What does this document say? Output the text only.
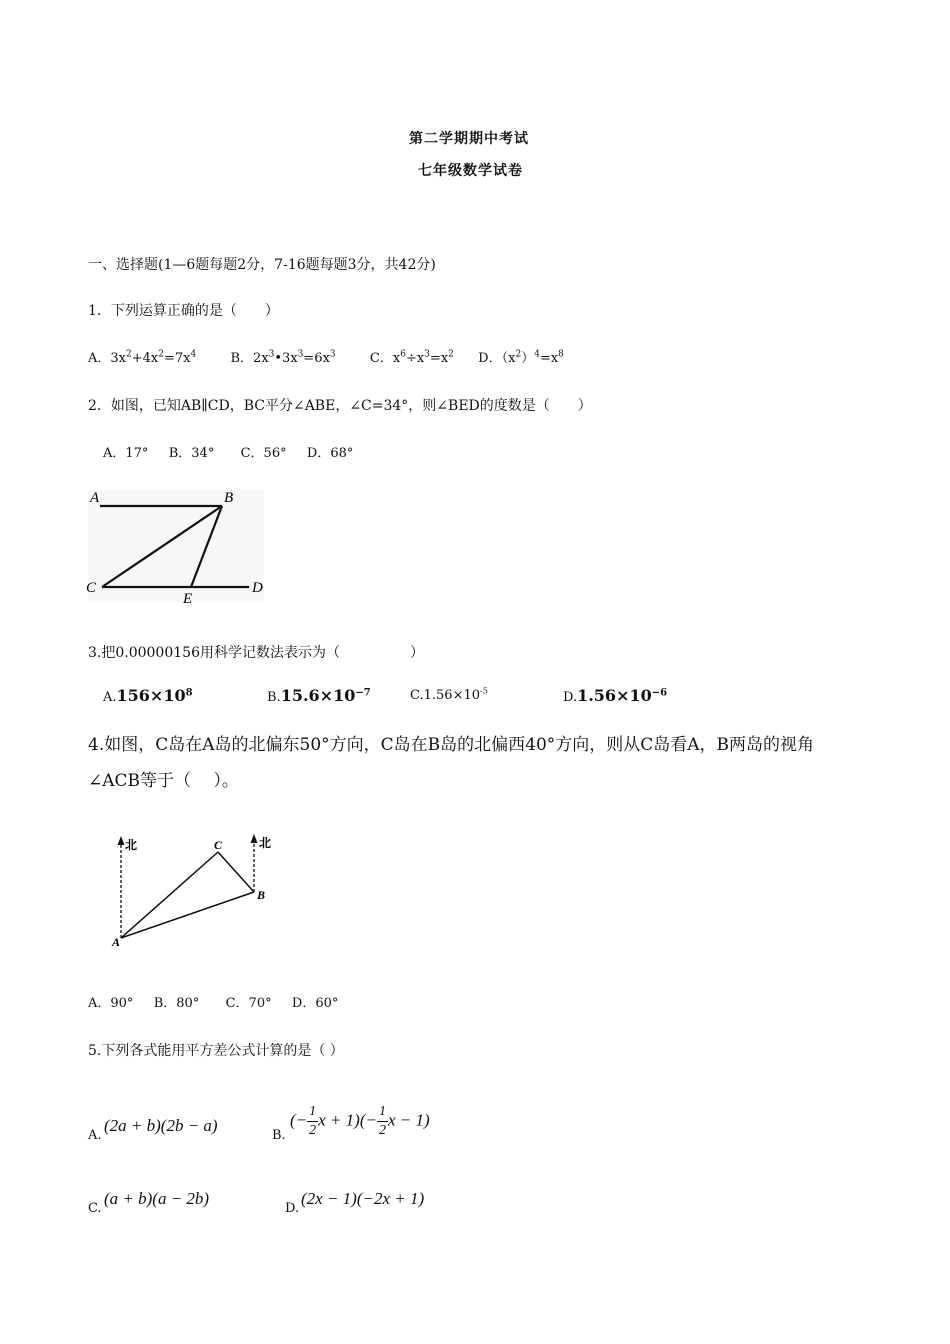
第二学期期中考试
七年级数学试卷
一、选择题(1—6题每题2分，7-16题每题3分，共42分)
1．下列运算正确的是（　　）
A．$3x^2+4x^2=7x^4$	B．$2x^3•3x^3=6x^3$	C．$x^6\div x^3=x^2$ D．$(x^2)^4=x^8$
2．如图，已知AB∥CD，BC平分∠ABE，∠C=34°，则∠BED的度数是（　　）
A．17° B．34° C．56° D．68°
A	B
C	D
E
3.把0.00000156用科学记数法表示为（　　　　　）
$A.156\times 10^8$	$B.15.6\times 10^{-7}$	$C.1.56\times 10^{-5}$	$D.1.56\times 10^{-6}$
4.如图，C岛在A岛的北偏东50°方向，C岛在B岛的北偏西40°方向，则从C岛看A，B两岛的视角
∠ACB等于（　 ）。
北	北
A
B
C
A．90° B．80° C．70° D．60°
5.下列各式能用平方差公式计算的是（ ）
A.
(2a + b)(2b − a)
B.
(− $\frac{1}{2}$ $x + 1)(- \frac{1}{2}$ x − 1)
C.
(a + b)(a − 2b)
D.
(2x − 1)(−2x + 1)
